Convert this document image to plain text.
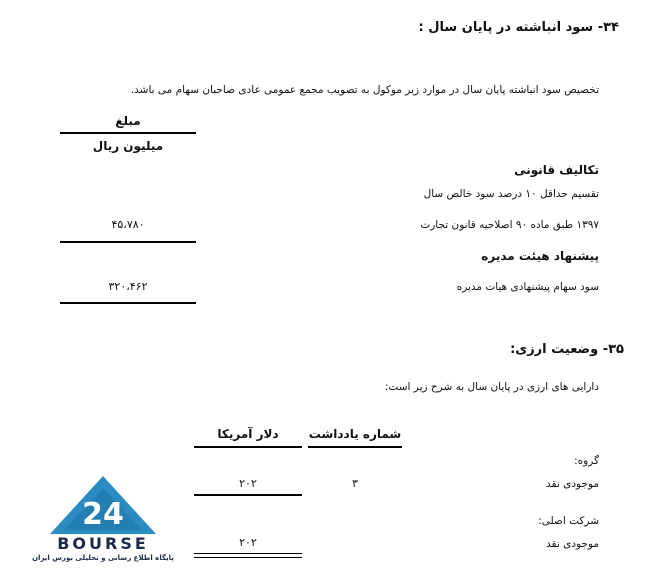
۳۴- سود انباشته در پایان سال :
تخصیص سود انباشته پایان سال در موارد زیر موکول به تصویب مجمع عمومی عادی صاحبان سهام می باشد.
مبلغ
میلیون ریال
تکالیف قانونی
تقسیم حداقل ۱۰ درصد سود خالص سال
۱۳۹۷ طبق ماده ۹۰ اصلاحیه قانون تجارت
۴۵،۷۸۰
پیشنهاد هیئت مدیره
سود سهام پیشنهادی هیات مدیره
۳۲۰،۴۶۲
۳۵- وضعیت ارزی:
دارایی های ارزی در پایان سال به شرح زیر است:
شماره یادداشت
دلار آمریکا
گروه:
موجودی نقد
۳
۲۰۲
شرکت اصلی:
موجودی نقد
۲۰۲
24
BOURSE
پایگاه اطلاع رسانی و تحلیلی بورس ایران
